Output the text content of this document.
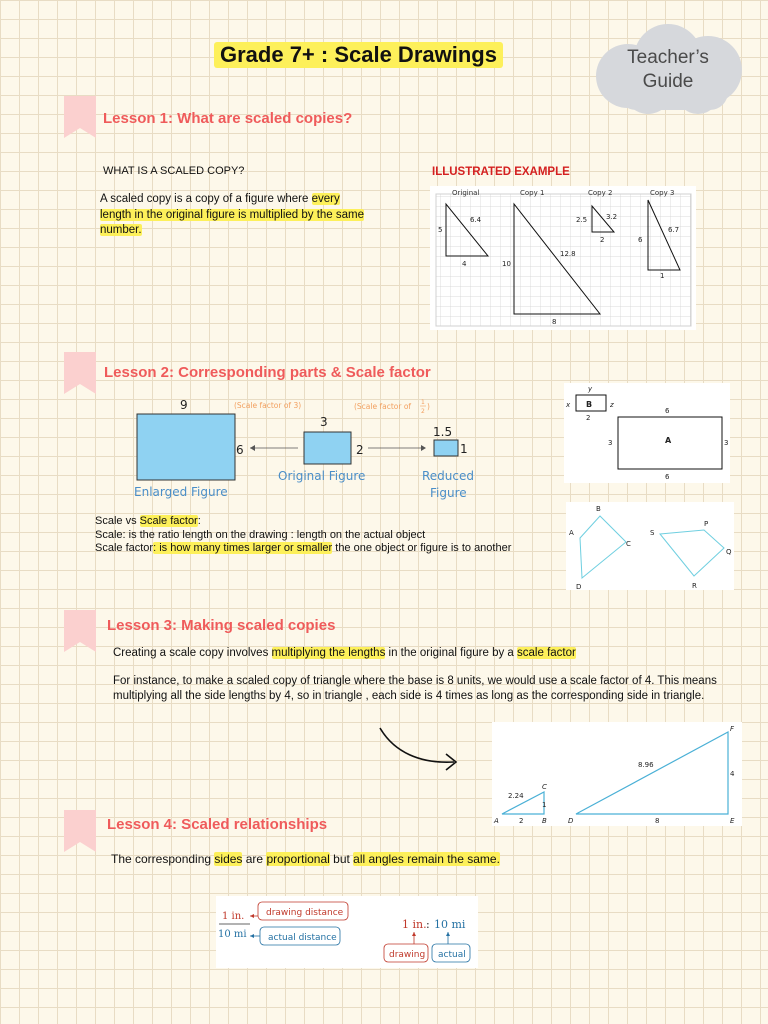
Grade 7+ : Scale Drawings	Teacher’s
Guide
Lesson 1: What are scaled copies?
WHAT IS A SCALED COPY?
A scaled copy is a copy of a figure where every
length in the original figure is multiplied by the same
number.
ILLUSTRATED EXAMPLE
Original	Copy 1	Copy 2	Copy 3
5
4
6.4
10
8
12.8
2.5
2
3.2
6
1
6.7
Lesson 2: Corresponding parts & Scale factor
9	(Scale factor of 3)
6
Enlarged Figure
3
2
Original Figure
(Scale factor of 1
2
)
1.5
1
Reduced
Figure
y
x	z
B
2
6
3	3
6
A
A
B
C
D
S
P
Q
R
Scale vs Scale factor:
Scale: is the ratio length on the drawing : length on the actual object
Scale factor: is how many times larger or smaller the one object or figure is to another
Lesson 3: Making scaled copies
Creating a scale copy involves multiplying the lengths in the original figure by a scale factor
For instance, to make a scaled copy of triangle where the base is 8 units, we would use a scale factor of 4. This means multiplying all the side lengths by 4, so in triangle , each side is 4 times as long as the corresponding side in triangle.
A	B
C
2
1
2.24
D	E
F
8
4
8.96
Lesson 4: Scaled relationships
The corresponding sides are proportional but all angles remain the same.
1 in.
10 mi
drawing distance
actual distance
1 in. : 10 mi
drawing actual
